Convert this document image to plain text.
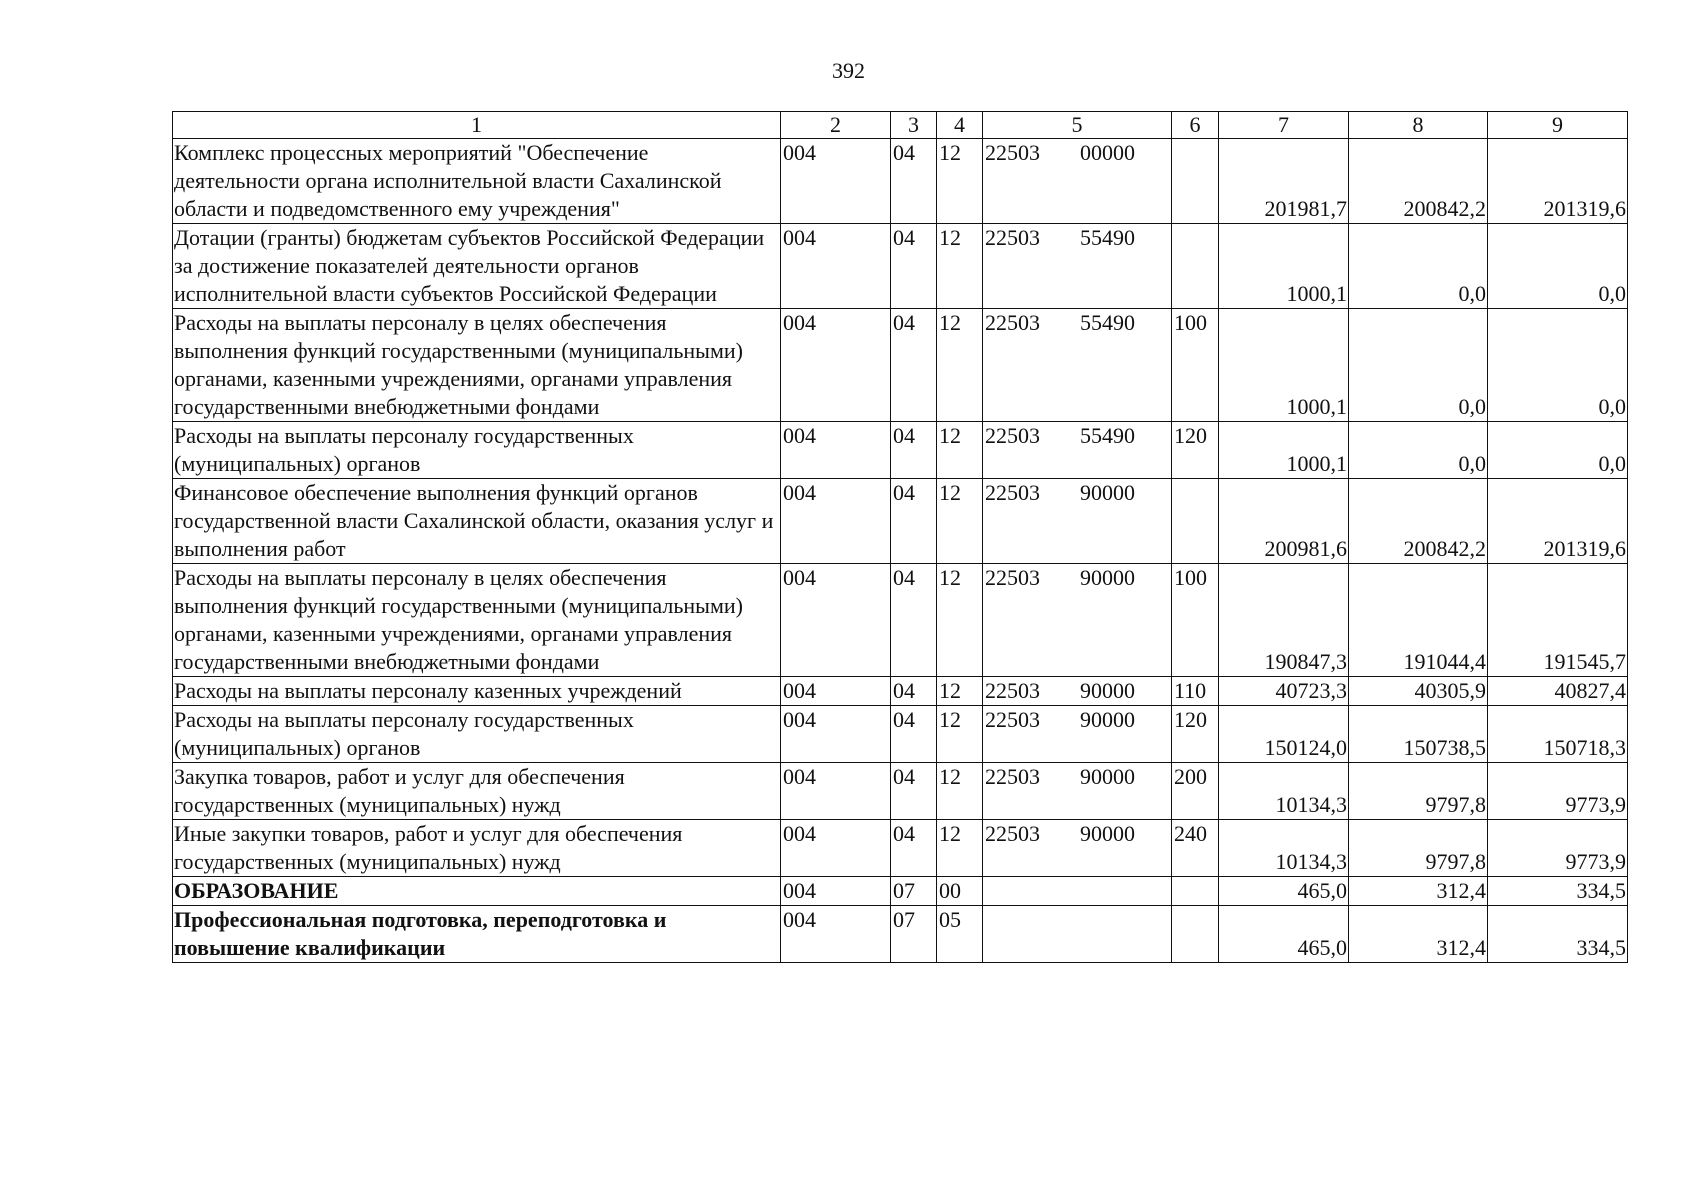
392
1	2	3	4	5	6	7	8	9
Комплекс процессных мероприятий "Обеспечение деятельности органа исполнительной власти Сахалинской области и подведомственного ему учреждения"	004	04	12	22503 00000		201981,7	200842,2	201319,6
Дотации (гранты) бюджетам субъектов Российской Федерации за достижение показателей деятельности органов исполнительной власти субъектов Российской Федерации	004	04	12	22503 55490		1000,1	0,0	0,0
Расходы на выплаты персоналу в целях обеспечения выполнения функций государственными (муниципальными) органами, казенными учреждениями, органами управления государственными внебюджетными фондами	004	04	12	22503 55490	100	1000,1	0,0	0,0
Расходы на выплаты персоналу государственных (муниципальных) органов	004	04	12	22503 55490	120	1000,1	0,0	0,0
Финансовое обеспечение выполнения функций органов государственной власти Сахалинской области, оказания услуг и выполнения работ	004	04	12	22503 90000		200981,6	200842,2	201319,6
Расходы на выплаты персоналу в целях обеспечения выполнения функций государственными (муниципальными) органами, казенными учреждениями, органами управления государственными внебюджетными фондами	004	04	12	22503 90000	100	190847,3	191044,4	191545,7
Расходы на выплаты персоналу казенных учреждений	004	04	12	22503 90000	110	40723,3	40305,9	40827,4
Расходы на выплаты персоналу государственных (муниципальных) органов	004	04	12	22503 90000	120	150124,0	150738,5	150718,3
Закупка товаров, работ и услуг для обеспечения государственных (муниципальных) нужд	004	04	12	22503 90000	200	10134,3	9797,8	9773,9
Иные закупки товаров, работ и услуг для обеспечения государственных (муниципальных) нужд	004	04	12	22503 90000	240	10134,3	9797,8	9773,9
ОБРАЗОВАНИЕ	004	07	00			465,0	312,4	334,5
Профессиональная подготовка, переподготовка и повышение квалификации	004	07	05			465,0	312,4	334,5
